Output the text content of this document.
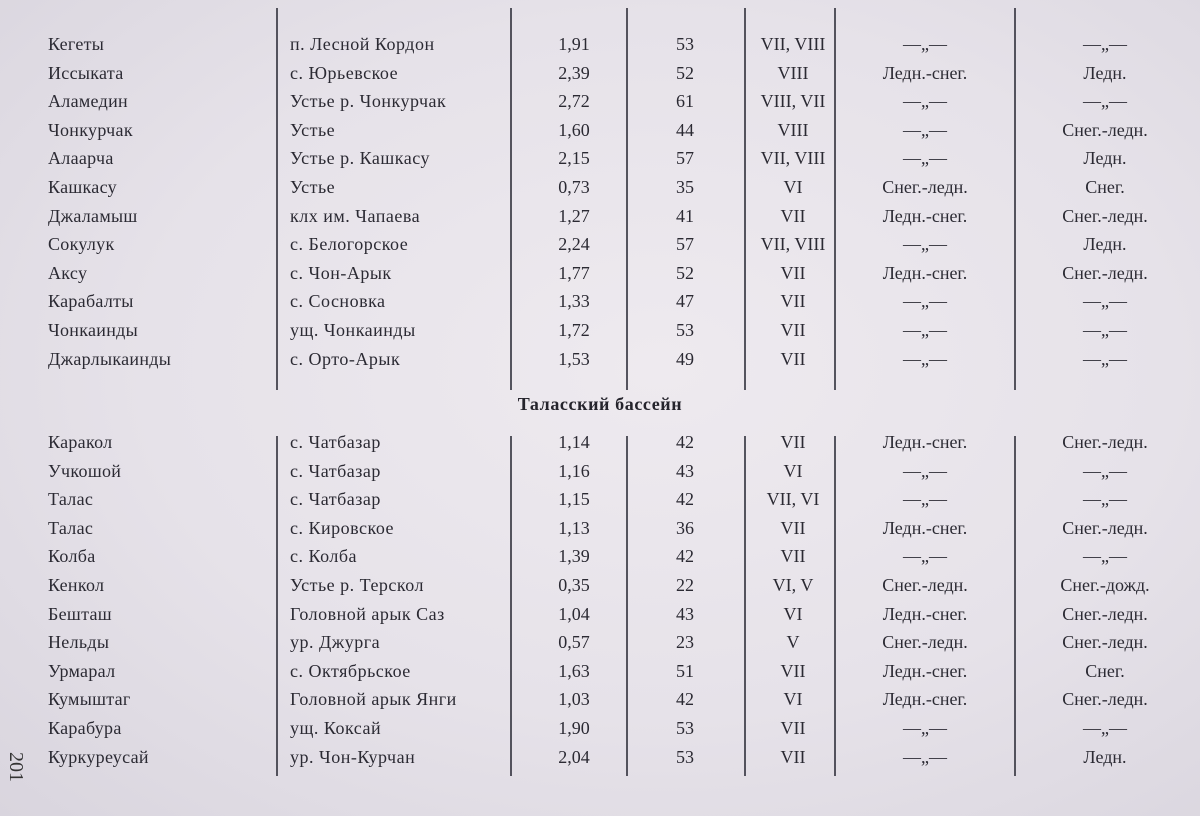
Кегеты	п. Лесной Кордон	1,91	53	VII, VIII	—„—	—„—
Иссыката	с. Юрьевское	2,39	52	VIII	Ледн.-снег.	Ледн.
Аламедин	Устье р. Чонкурчак	2,72	61	VIII, VII	—„—	—„—
Чонкурчак	Устье	1,60	44	VIII	—„—	Снег.-ледн.
Алаарча	Устье р. Кашкасу	2,15	57	VII, VIII	—„—	Ледн.
Кашкасу	Устье	0,73	35	VI	Снег.-ледн.	Снег.
Джаламыш	клх им. Чапаева	1,27	41	VII	Ледн.-снег.	Снег.-ледн.
Сокулук	с. Белогорское	2,24	57	VII, VIII	—„—	Ледн.
Аксу	с. Чон-Арык	1,77	52	VII	Ледн.-снег.	Снег.-ледн.
Карабалты	с. Сосновка	1,33	47	VII	—„—	—„—
Чонкаинды	ущ. Чонкаинды	1,72	53	VII	—„—	—„—
Джарлыкаинды	с. Орто-Арык	1,53	49	VII	—„—	—„—
Таласский бассейн
Каракол	с. Чатбазар	1,14	42	VII	Ледн.-снег.	Снег.-ледн.
Учкошой	с. Чатбазар	1,16	43	VI	—„—	—„—
Талас	с. Чатбазар	1,15	42	VII, VI	—„—	—„—
Талас	с. Кировское	1,13	36	VII	Ледн.-снег.	Снег.-ледн.
Колба	с. Колба	1,39	42	VII	—„—	—„—
Кенкол	Устье р. Терскол	0,35	22	VI, V	Снег.-ледн.	Снег.-дожд.
Бешташ	Головной арык Саз	1,04	43	VI	Ледн.-снег.	Снег.-ледн.
Нельды	ур. Джурга	0,57	23	V	Снег.-ледн.	Снег.-ледн.
Урмарал	с. Октябрьское	1,63	51	VII	Ледн.-снег.	Снег.
Кумыштаг	Головной арык Янги	1,03	42	VI	Ледн.-снег.	Снег.-ледн.
Карабура	ущ. Коксай	1,90	53	VII	—„—	—„—
Куркуреусай	ур. Чон-Курчан	2,04	53	VII	—„—	Ледн.
201
